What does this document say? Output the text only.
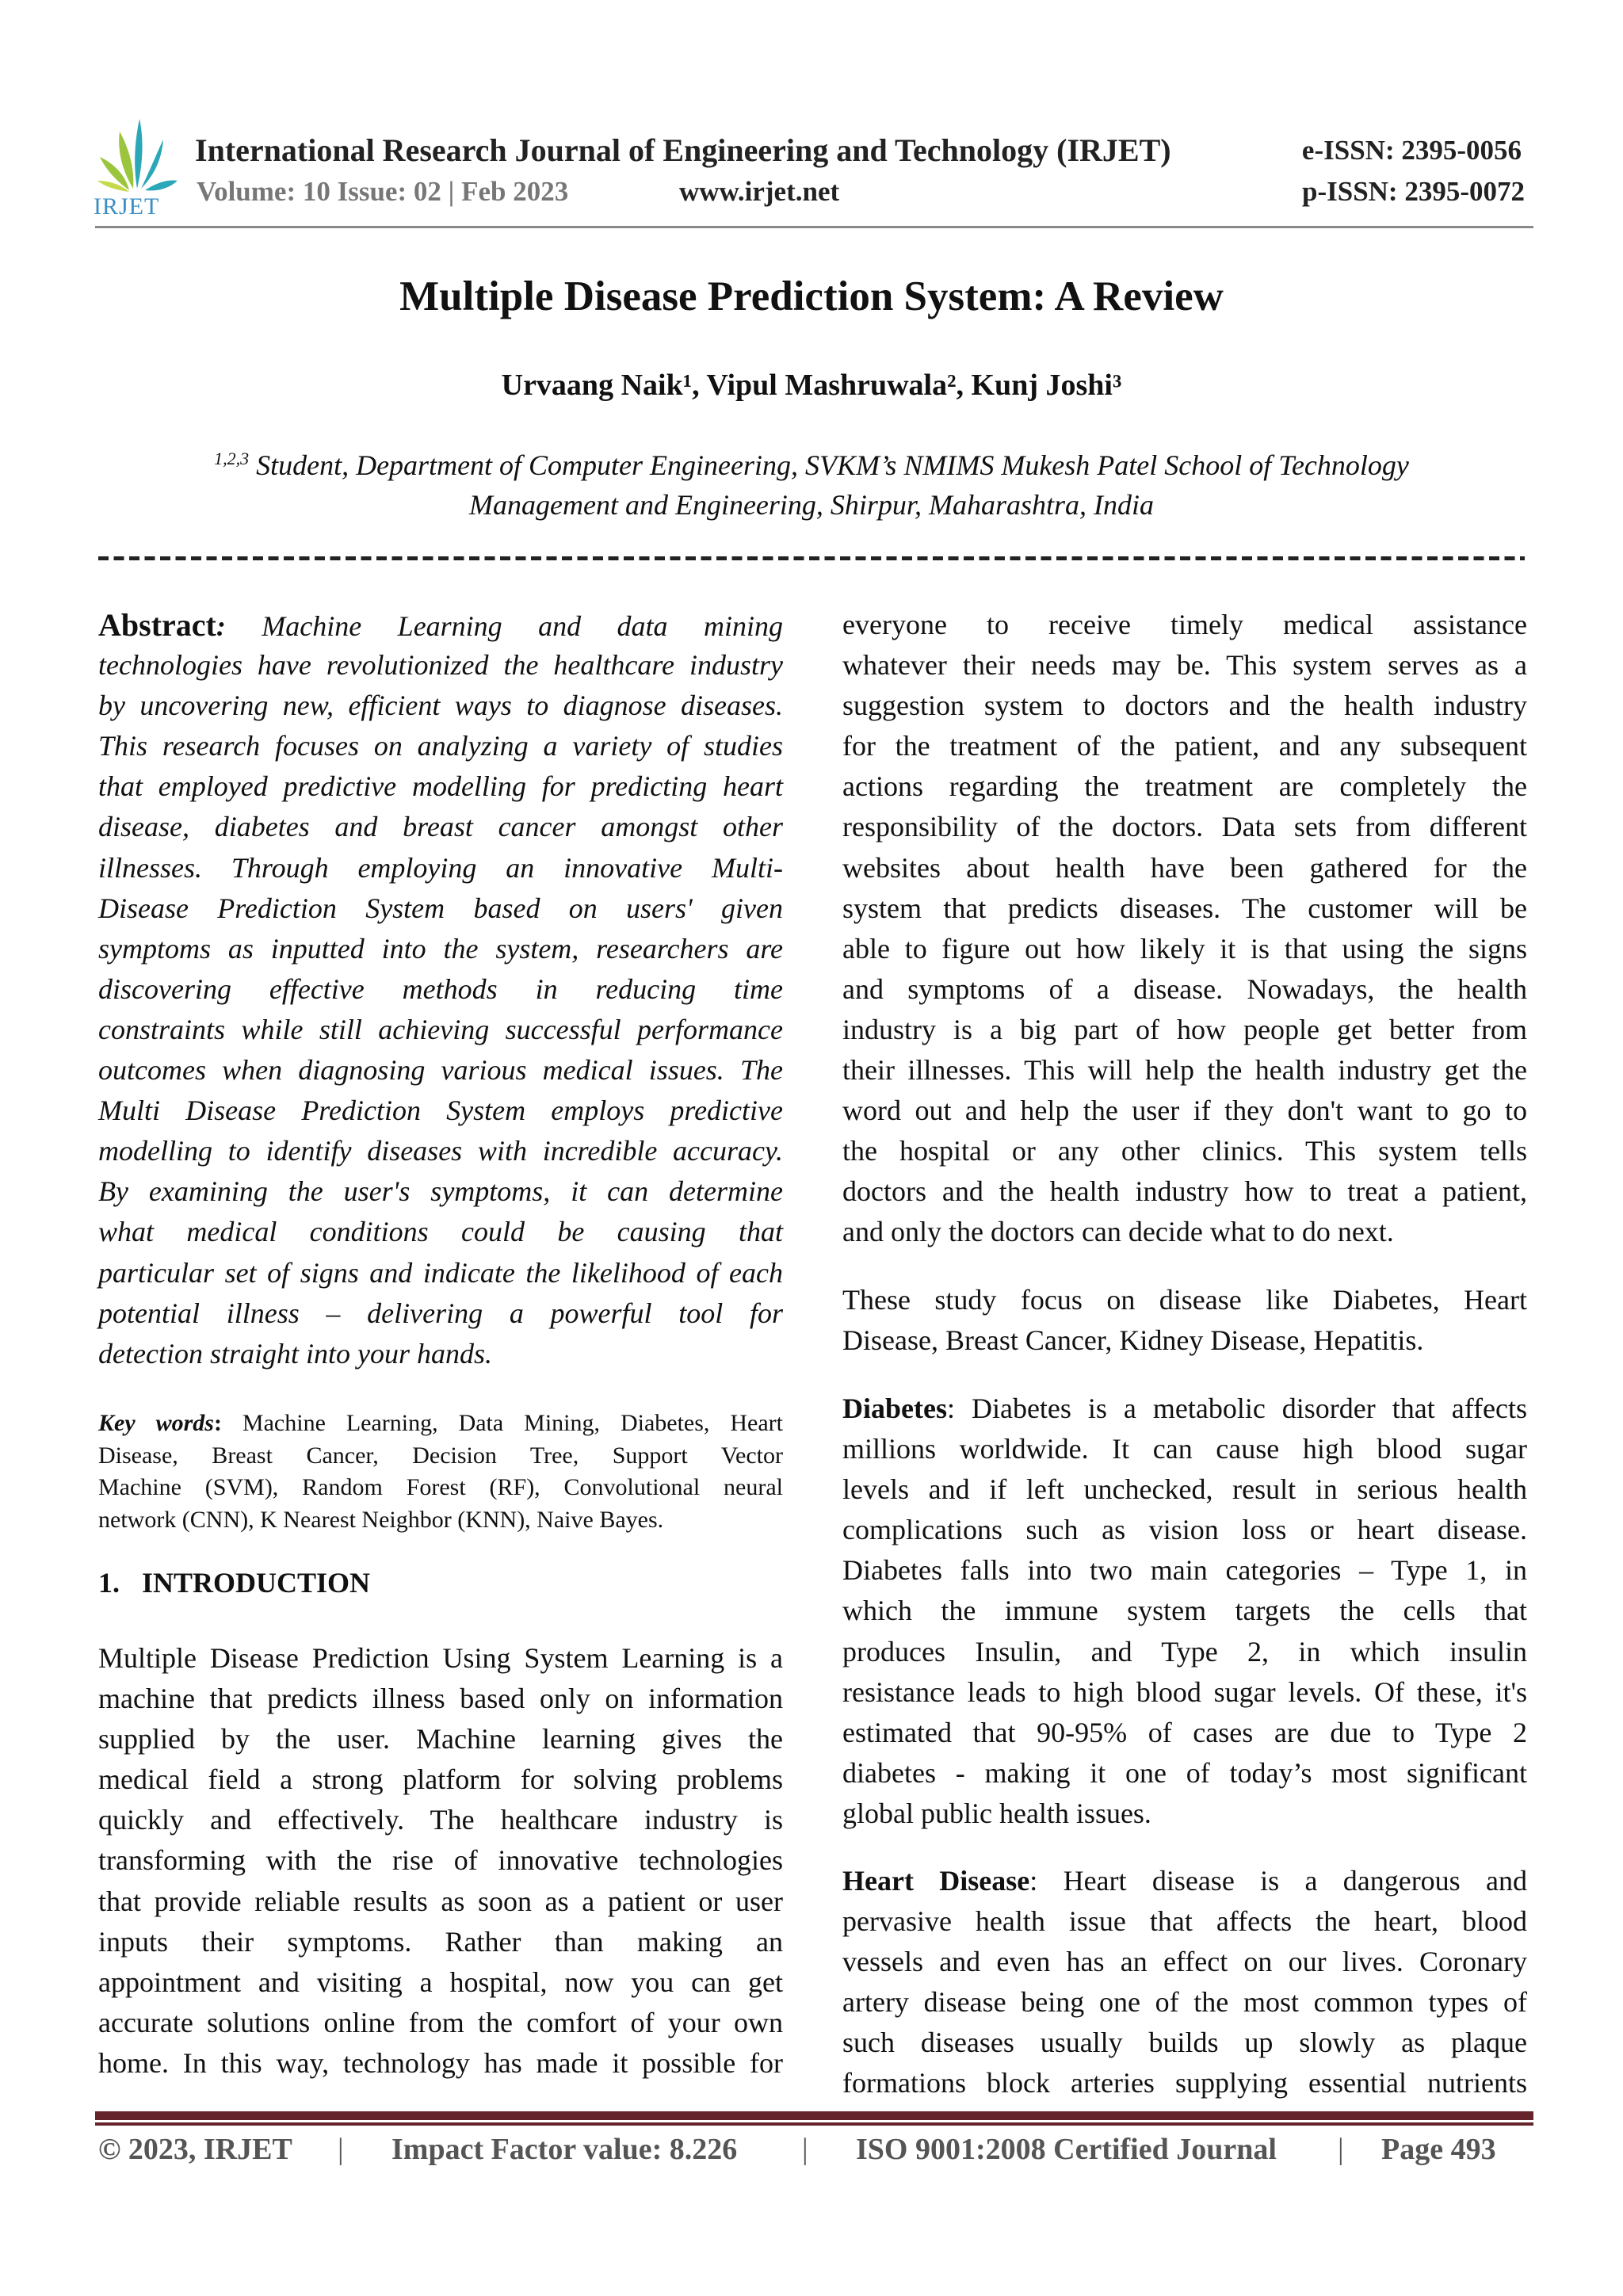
IRJET
International Research Journal of Engineering and Technology (IRJET)
Volume: 10 Issue: 02 | Feb 2023	www.irjet.net
e-ISSN: 2395-0056
p-ISSN: 2395-0072
Multiple Disease Prediction System: A Review
Urvaang Naik¹, Vipul Mashruwala², Kunj Joshi³
$^{1,2,3}$ Student, Department of Computer Engineering, SVKM’s NMIMS Mukesh Patel School of Technology
Management and Engineering, Shirpur, Maharashtra, India
Abstract: Machine Learning and data mining
technologies have revolutionized the healthcare industry
by uncovering new, efficient ways to diagnose diseases.
This research focuses on analyzing a variety of studies
that employed predictive modelling for predicting heart
disease, diabetes and breast cancer amongst other
illnesses. Through employing an innovative Multi-
Disease Prediction System based on users' given
symptoms as inputted into the system, researchers are
discovering effective methods in reducing time
constraints while still achieving successful performance
outcomes when diagnosing various medical issues. The
Multi Disease Prediction System employs predictive
modelling to identify diseases with incredible accuracy.
By examining the user's symptoms, it can determine
what medical conditions could be causing that
particular set of signs and indicate the likelihood of each
potential illness – delivering a powerful tool for
detection straight into your hands.
Key words: Machine Learning, Data Mining, Diabetes, Heart
Disease, Breast Cancer, Decision Tree, Support Vector
Machine (SVM), Random Forest (RF), Convolutional neural
network (CNN), K Nearest Neighbor (KNN), Naive Bayes.
1. INTRODUCTION
Multiple Disease Prediction Using System Learning is a
machine that predicts illness based only on information
supplied by the user. Machine learning gives the
medical field a strong platform for solving problems
quickly and effectively. The healthcare industry is
transforming with the rise of innovative technologies
that provide reliable results as soon as a patient or user
inputs their symptoms. Rather than making an
appointment and visiting a hospital, now you can get
accurate solutions online from the comfort of your own
home. In this way, technology has made it possible for
everyone to receive timely medical assistance
whatever their needs may be. This system serves as a
suggestion system to doctors and the health industry
for the treatment of the patient, and any subsequent
actions regarding the treatment are completely the
responsibility of the doctors. Data sets from different
websites about health have been gathered for the
system that predicts diseases. The customer will be
able to figure out how likely it is that using the signs
and symptoms of a disease. Nowadays, the health
industry is a big part of how people get better from
their illnesses. This will help the health industry get the
word out and help the user if they don't want to go to
the hospital or any other clinics. This system tells
doctors and the health industry how to treat a patient,
and only the doctors can decide what to do next.
These study focus on disease like Diabetes, Heart
Disease, Breast Cancer, Kidney Disease, Hepatitis.
Diabetes: Diabetes is a metabolic disorder that affects
millions worldwide. It can cause high blood sugar
levels and if left unchecked, result in serious health
complications such as vision loss or heart disease.
Diabetes falls into two main categories – Type 1, in
which the immune system targets the cells that
produces Insulin, and Type 2, in which insulin
resistance leads to high blood sugar levels. Of these, it's
estimated that 90-95% of cases are due to Type 2
diabetes - making it one of today’s most significant
global public health issues.
Heart Disease: Heart disease is a dangerous and
pervasive health issue that affects the heart, blood
vessels and even has an effect on our lives. Coronary
artery disease being one of the most common types of
such diseases usually builds up slowly as plaque
formations block arteries supplying essential nutrients
© 2023, IRJET | Impact Factor value: 8.226 | ISO 9001:2008 Certified Journal | Page 493
